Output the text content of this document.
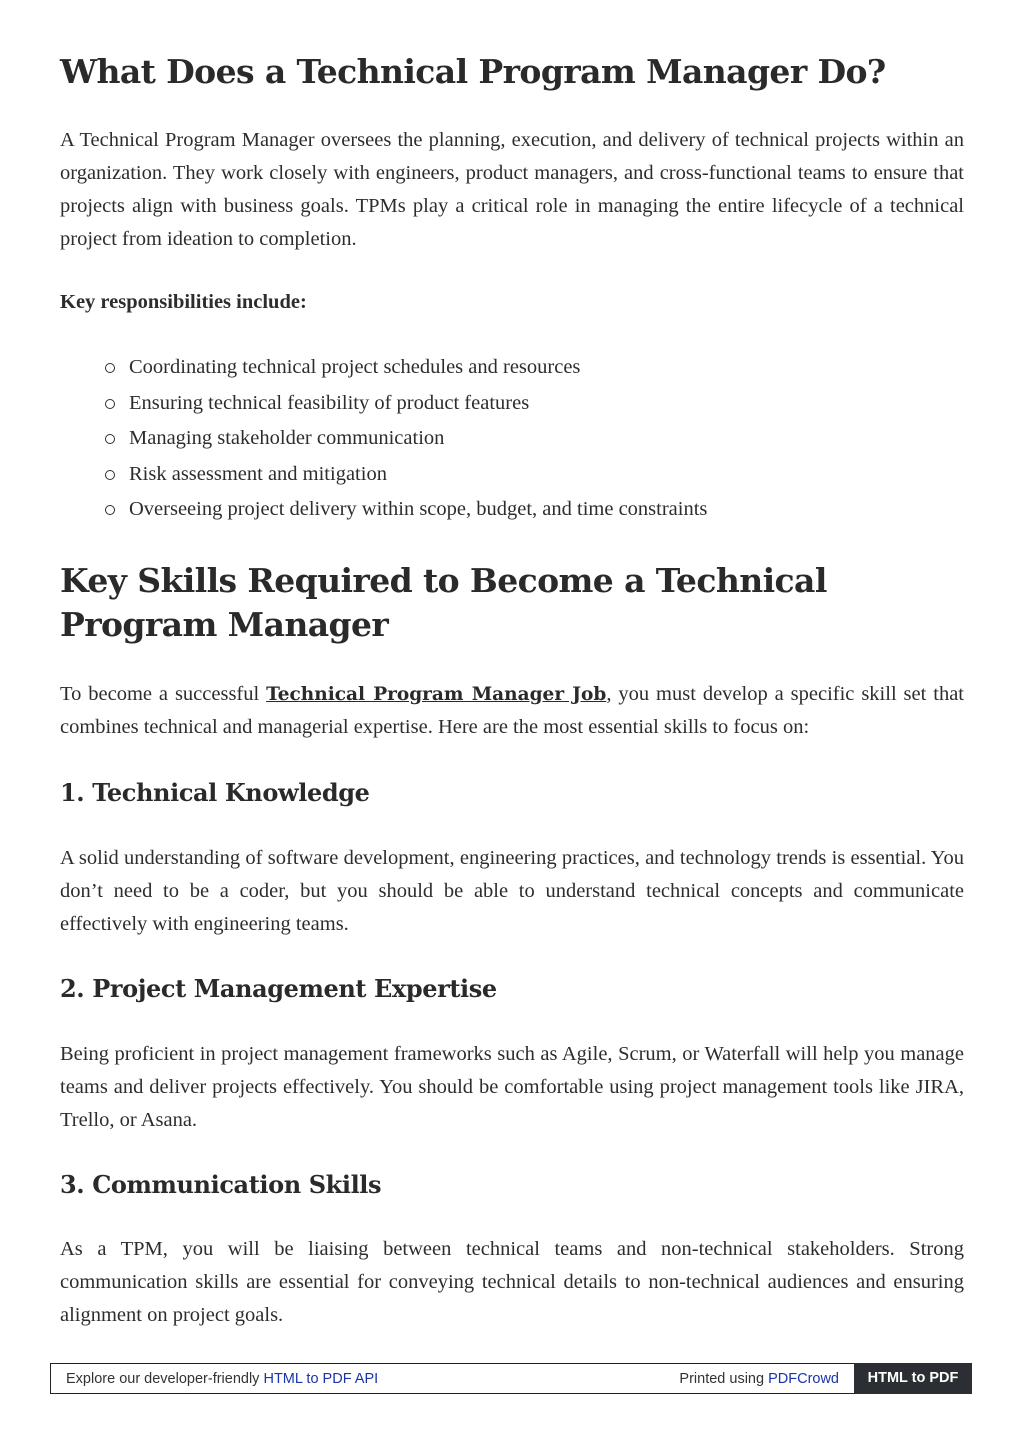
What Does a Technical Program Manager Do?

A Technical Program Manager oversees the planning, execution, and delivery of technical projects within an organization. They work closely with engineers, product managers, and cross-functional teams to ensure that projects align with business goals. TPMs play a critical role in managing the entire lifecycle of a technical project from ideation to completion.

Key responsibilities include:

Coordinating technical project schedules and resources
Ensuring technical feasibility of product features
Managing stakeholder communication
Risk assessment and mitigation
Overseeing project delivery within scope, budget, and time constraints
Key Skills Required to Become a Technical Program Manager

To become a successful Technical Program Manager Job, you must develop a specific skill set that combines technical and managerial expertise. Here are the most essential skills to focus on:

1. Technical Knowledge

A solid understanding of software development, engineering practices, and technology trends is essential. You don’t need to be a coder, but you should be able to understand technical concepts and communicate effectively with engineering teams.

2. Project Management Expertise

Being proficient in project management frameworks such as Agile, Scrum, or Waterfall will help you manage teams and deliver projects effectively. You should be comfortable using project management tools like JIRA, Trello, or Asana.

3. Communication Skills

As a TPM, you will be liaising between technical teams and non-technical stakeholders. Strong communication skills are essential for conveying technical details to non-technical audiences and ensuring alignment on project goals.

Explore our developer-friendly HTML to PDF API	Printed using PDFCrowd	HTML to PDF
